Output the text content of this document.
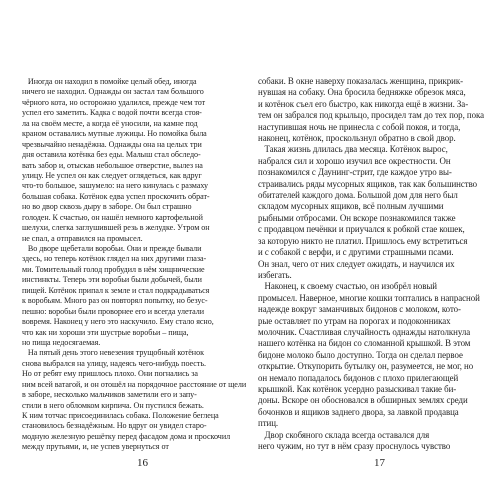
Иногда он находил в помойке целый обед, иногда
ничего не находил. Однажды он застал там большого
чёрного кота, но осторожно удалился, прежде чем тот
успел его заметить. Кадка с водой почти всегда стоя-
ла на своём месте, а когда её уносили, на камне под
краном оставались мутные лужицы. Но помойка была
чрезвычайно ненадёжна. Однажды она на целых три
дня оставила котёнка без еды. Малыш стал обследо-
вать забор и, отыскав небольшое отверстие, вылез на
улицу. Не успел он как следует оглядеться, как вдруг
что-то большое, зашумело: на него кинулась с размаху
большая собака. Котёнок едва успел проскочить обрат-
но во двор сквозь дыру в заборе. Он был страшно
голоден. К счастью, он нашёл немного картофельной
шелухи, слегка заглушившей резь в желудке. Утром он
не спал, а отправился на промысел.
Во дворе щебетали воробьи. Они и прежде бывали
здесь, но теперь котёнок глядел на них другими глаза-
ми. Томительный голод пробудил в нём хищнические
инстинкты. Теперь эти воробьи были добычей, были
пищей. Котёнок припал к земле и стал подкрадываться
к воробьям. Много раз он повторял попытку, но безус-
пешно: воробьи были проворнее его и всегда улетали
вовремя. Наконец у него это наскучило. Ему стало ясно,
что как ни хороши эти шустрые воробьи – пища,
но пища недосягаемая.
На пятый день этого невезения трущобный котёнок
снова выбрался на улицу, надеясь чего-нибудь поесть.
Но от ребят ему пришлось плохо. Они погнались за
ним всей ватагой, и он отошёл на порядочное расстояние от щели
в заборе, несколько мальчиков заметили его и запу-
стили в него обломком кирпича. Он пустился бежать.
К ним тотчас присоединилась собака. Положение беглеца
становилось безнадёжным. Но вдруг он увидел старо-
модную железную решётку перед фасадом дома и проскочил
между прутьями, и, не успев увернуться от
16
собаки. В окне наверху показалась женщина, прикрик-
нувшая на собаку. Она бросила бедняжке обрезок мяса,
и котёнок съел его быстро, как никогда ещё в жизни. За-
тем он забрался под крыльцо, просидел там до тех пор, пока
наступившая ночь не принесла с собой покоя, и тогда,
наконец, котёнок, проскользнул обратно в свой двор.
Такая жизнь длилась два месяца. Котёнок вырос,
набрался сил и хорошо изучил все окрестности. Он
познакомился с Даунинг-стрит, где каждое утро вы-
страивались ряды мусорных ящиков, так как большинство
обитателей каждого дома. Большой дом для него был
складом мусорных ящиков, всё полным лучшими
рыбными отбросами. Он вскоре познакомился также
с продавцом печёнки и приучался к робкой стае кошек,
за которую никто не платил. Пришлось ему встретиться
и с собакой с верфи, и с другими страшными псами.
Он знал, чего от них следует ожидать, и научился их
избегать.
Наконец, к своему счастью, он изобрёл новый
промысел. Наверное, многие кошки топтались в напрасной
надежде вокруг заманчивых бидонов с молоком, кото-
рые оставляет по утрам на порогах и подоконниках
молочник. Счастливая случайность однажды натолкнула
нашего котёнка на бидон со сломанной крышкой. В этом
бидоне молоко было доступно. Тогда он сделал первое
открытие. Откупорить бутылку он, разумеется, не мог, но
он немало попадалось бидонов с плохо прилегающей
крышкой. Как котёнок усердно разыскивал такие би-
доны. Вскоре он обосновался в обширных землях среди
бочонков и ящиков заднего двора, за лавкой продавца
птиц.
Двор скобяного склада всегда оставался для
него чужим, но тут в нём сразу проснулось чувство
17
